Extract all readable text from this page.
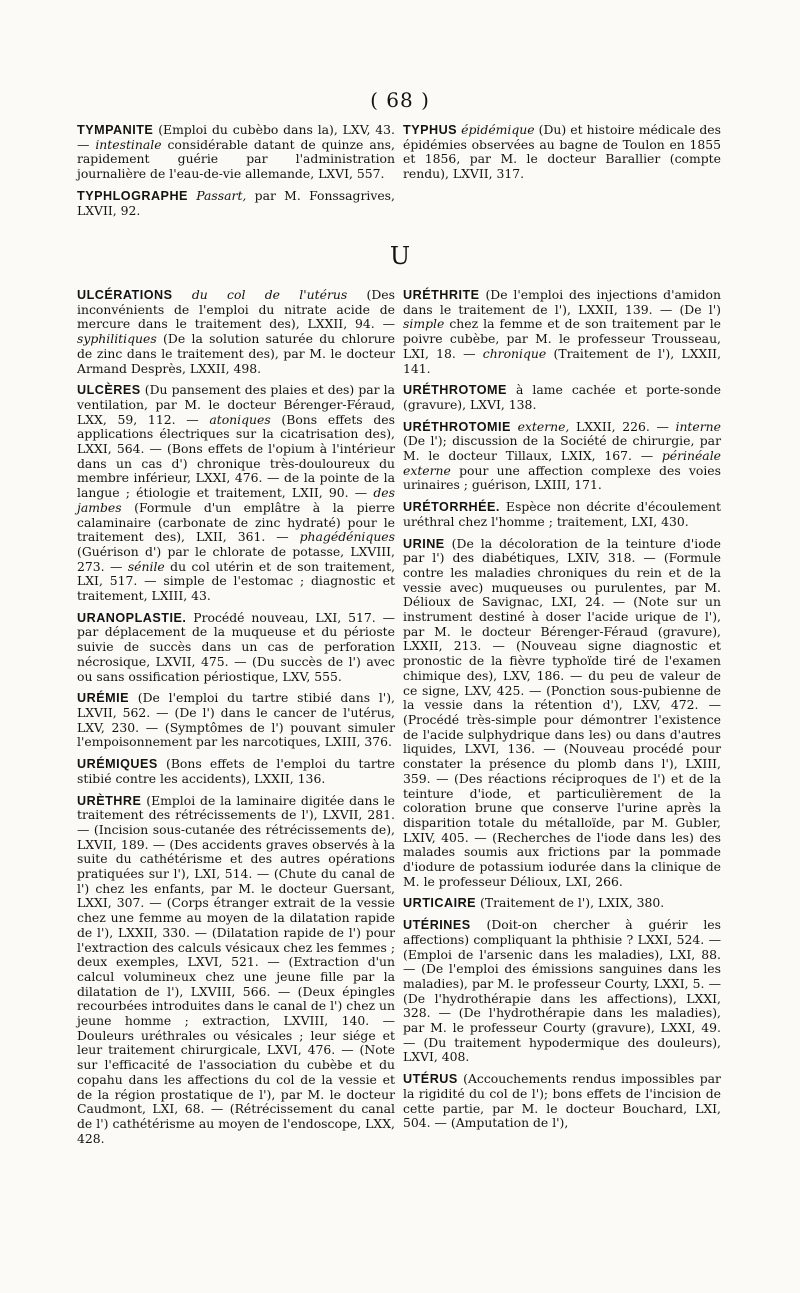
( 68 )

TYMPANITE (Emploi du cubèbo dans la), LXV, 43. — intestinale considérable datant de quinze ans, rapidement guérie par l'administration journalière de l'eau-de-vie allemande, LXVI, 557.

TYPHLOGRAPHE Passart, par M. Fonssagrives, LXVII, 92.

TYPHUS épidémique (Du) et histoire médicale des épidémies observées au bagne de Toulon en 1855 et 1856, par M. le docteur Barallier (compte rendu), LXVII, 317.

U

ULCÉRATIONS du col de l'utérus (Des inconvénients de l'emploi du nitrate acide de mercure dans le traitement des), LXXII, 94. — syphilitiques (De la solution saturée du chlorure de zinc dans le traitement des), par M. le docteur Armand Desprès, LXXII, 498.

ULCÈRES (Du pansement des plaies et des) par la ventilation, par M. le docteur Bérenger-Féraud, LXX, 59, 112. — atoniques (Bons effets des applications électriques sur la cicatrisation des), LXXI, 564. — (Bons effets de l'opium à l'intérieur dans un cas d') chronique très-douloureux du membre inférieur, LXXI, 476. — de la pointe de la langue ; étiologie et traitement, LXII, 90. — des jambes (Formule d'un emplâtre à la pierre calaminaire (carbonate de zinc hydraté) pour le traitement des), LXII, 361. — phagédéniques (Guérison d') par le chlorate de potasse, LXVIII, 273. — sénile du col utérin et de son traitement, LXI, 517. — simple de l'estomac ; diagnostic et traitement, LXIII, 43.

URANOPLASTIE. Procédé nouveau, LXI, 517. — par déplacement de la muqueuse et du périoste suivie de succès dans un cas de perforation nécrosique, LXVII, 475. — (Du succès de l') avec ou sans ossification périostique, LXV, 555.

URÉMIE (De l'emploi du tartre stibié dans l'), LXVII, 562. — (De l') dans le cancer de l'utérus, LXV, 230. — (Symptômes de l') pouvant simuler l'empoisonnement par les narcotiques, LXIII, 376.

URÉMIQUES (Bons effets de l'emploi du tartre stibié contre les accidents), LXXII, 136.

URÈTHRE (Emploi de la laminaire digitée dans le traitement des rétrécissements de l'), LXVII, 281. — (Incision sous-cutanée des rétrécissements de), LXVII, 189. — (Des accidents graves observés à la suite du cathétérisme et des autres opérations pratiquées sur l'), LXI, 514. — (Chute du canal de l') chez les enfants, par M. le docteur Guersant, LXXI, 307. — (Corps étranger extrait de la vessie chez une femme au moyen de la dilatation rapide de l'), LXXII, 330. — (Dilatation rapide de l') pour l'extraction des calculs vésicaux chez les femmes ; deux exemples, LXVI, 521. — (Extraction d'un calcul volumineux chez une jeune fille par la dilatation de l'), LXVIII, 566. — (Deux épingles recourbées introduites dans le canal de l') chez un jeune homme ; extraction, LXVIII, 140. — Douleurs uréthrales ou vésicales ; leur siége et leur traitement chirurgicale, LXVI, 476. — (Note sur l'efficacité de l'association du cubèbe et du copahu dans les affections du col de la vessie et de la région prostatique de l'), par M. le docteur Caudmont, LXI, 68. — (Rétrécissement du canal de l') cathétérisme au moyen de l'endoscope, LXX, 428.

URÉTHRITE (De l'emploi des injections d'amidon dans le traitement de l'), LXXII, 139. — (De l') simple chez la femme et de son traitement par le poivre cubèbe, par M. le professeur Trousseau, LXI, 18. — chronique (Traitement de l'), LXXII, 141.

URÉTHROTOME à lame cachée et porte-sonde (gravure), LXVI, 138.

URÉTHROTOMIE externe, LXXII, 226. — interne (De l'); discussion de la Société de chirurgie, par M. le docteur Tillaux, LXIX, 167. — périnéale externe pour une affection complexe des voies urinaires ; guérison, LXIII, 171.

URÉTORRHÉE. Espèce non décrite d'écoulement uréthral chez l'homme ; traitement, LXI, 430.

URINE (De la décoloration de la teinture d'iode par l') des diabétiques, LXIV, 318. — (Formule contre les maladies chroniques du rein et de la vessie avec) muqueuses ou purulentes, par M. Délioux de Savignac, LXI, 24. — (Note sur un instrument destiné à doser l'acide urique de l'), par M. le docteur Bérenger-Féraud (gravure), LXXII, 213. — (Nouveau signe diagnostic et pronostic de la fièvre typhoïde tiré de l'examen chimique des), LXV, 186. — du peu de valeur de ce signe, LXV, 425. — (Ponction sous-pubienne de la vessie dans la rétention d'), LXV, 472. — (Procédé très-simple pour démontrer l'existence de l'acide sulphydrique dans les) ou dans d'autres liquides, LXVI, 136. — (Nouveau procédé pour constater la présence du plomb dans l'), LXIII, 359. — (Des réactions réciproques de l') et de la teinture d'iode, et particulièrement de la coloration brune que conserve l'urine après la disparition totale du métalloïde, par M. Gubler, LXIV, 405. — (Recherches de l'iode dans les) des malades soumis aux frictions par la pommade d'iodure de potassium iodurée dans la clinique de M. le professeur Délioux, LXI, 266.

URTICAIRE (Traitement de l'), LXIX, 380.

UTÉRINES (Doit-on chercher à guérir les affections) compliquant la phthisie ? LXXI, 524. — (Emploi de l'arsenic dans les maladies), LXI, 88. — (De l'emploi des émissions sanguines dans les maladies), par M. le professeur Courty, LXXI, 5. — (De l'hydrothérapie dans les affections), LXXI, 328. — (De l'hydrothérapie dans les maladies), par M. le professeur Courty (gravure), LXXI, 49. — (Du traitement hypodermique des douleurs), LXVI, 408.

UTÉRUS (Accouchements rendus impossibles par la rigidité du col de l'); bons effets de l'incision de cette partie, par M. le docteur Bouchard, LXI, 504. — (Amputation de l'),
